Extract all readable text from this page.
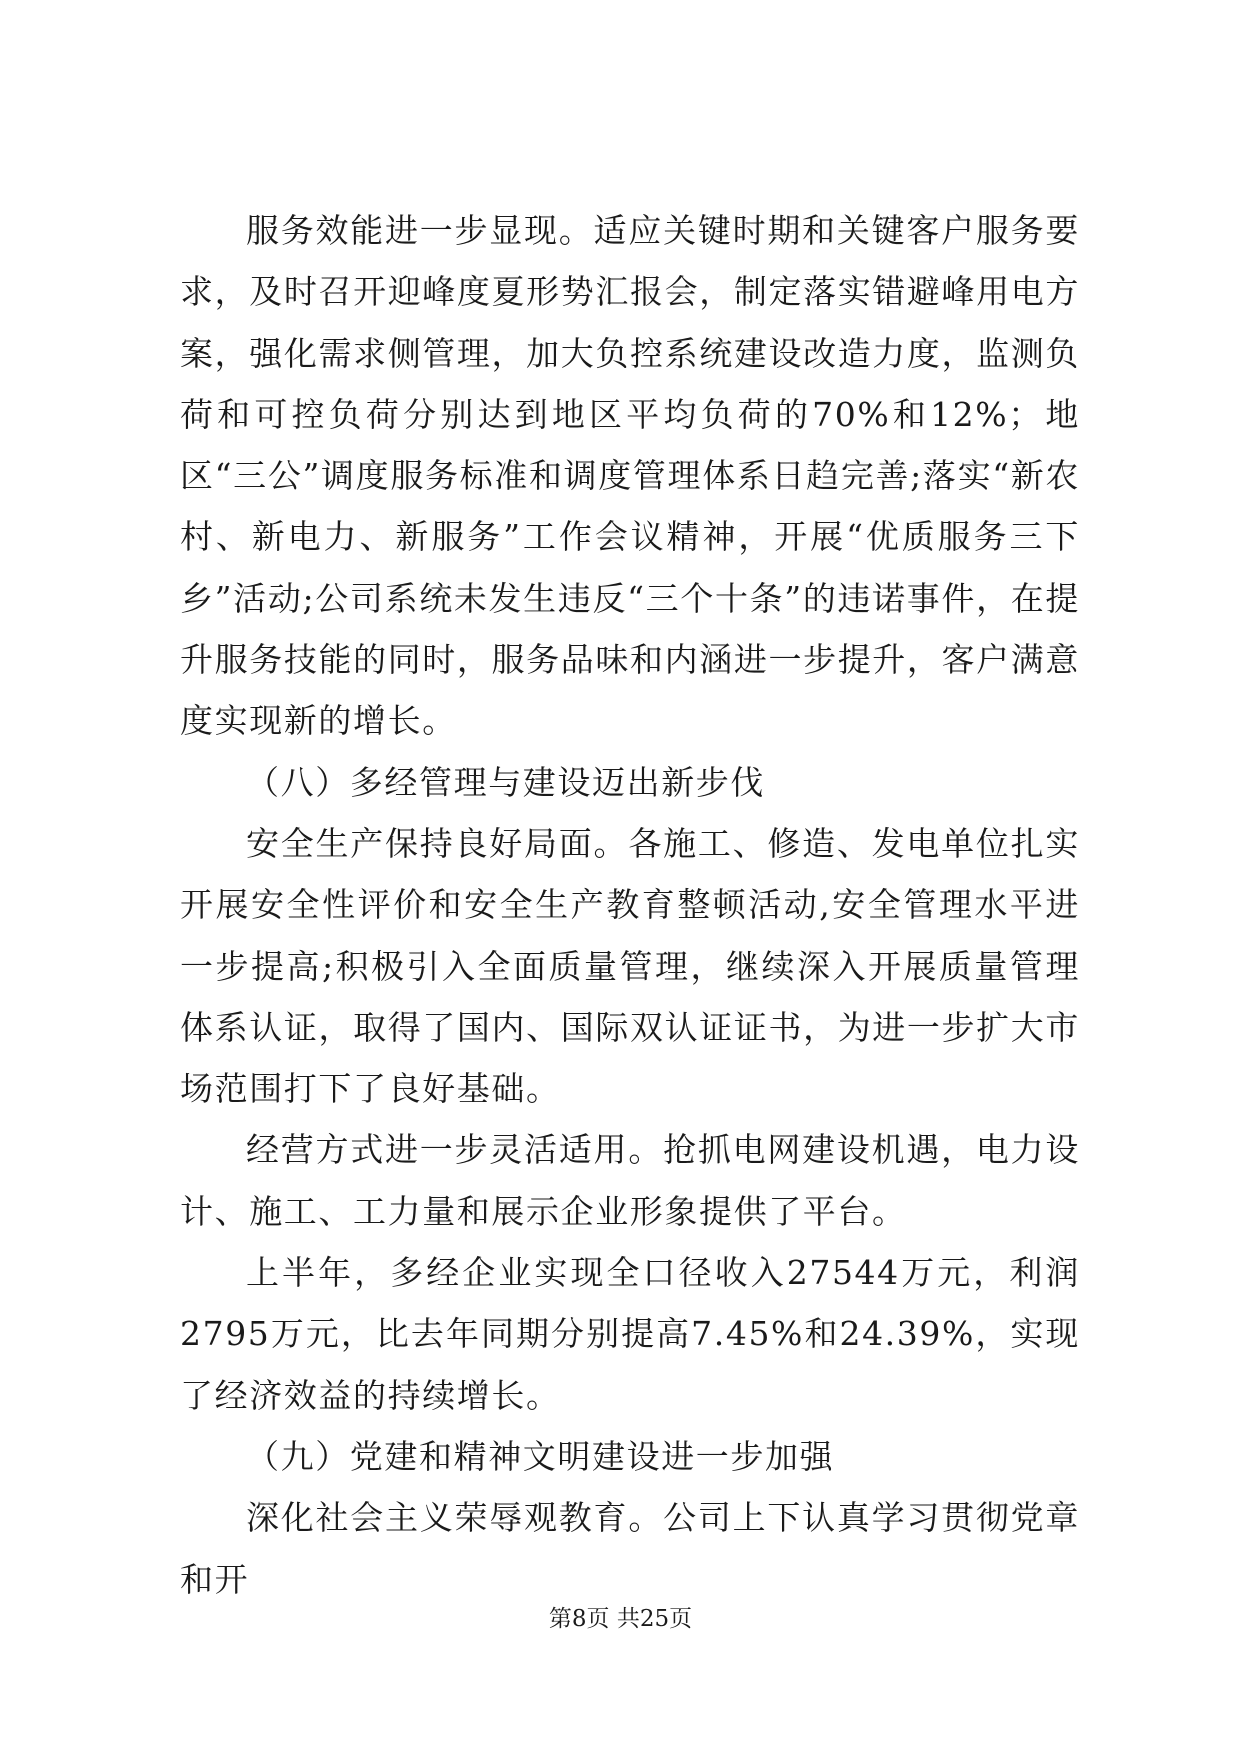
服务效能进一步显现。适应关键时期和关键客户服务要求，及时召开迎峰度夏形势汇报会，制定落实错避峰用电方案，强化需求侧管理，加大负控系统建设改造力度，监测负荷和可控负荷分别达到地区平均负荷的70%和12%；地区“三公”调度服务标准和调度管理体系日趋完善;落实“新农村、新电力、新服务”工作会议精神，开展“优质服务三下乡”活动;公司系统未发生违反“三个十条”的违诺事件，在提升服务技能的同时，服务品味和内涵进一步提升，客户满意度实现新的增长。

（八）多经管理与建设迈出新步伐

安全生产保持良好局面。各施工、修造、发电单位扎实开展安全性评价和安全生产教育整顿活动,安全管理水平进一步提高;积极引入全面质量管理，继续深入开展质量管理体系认证，取得了国内、国际双认证证书，为进一步扩大市场范围打下了良好基础。

经营方式进一步灵活适用。抢抓电网建设机遇，电力设计、施工、工力量和展示企业形象提供了平台。

上半年，多经企业实现全口径收入27544万元，利润2795万元，比去年同期分别提高7.45%和24.39%，实现了经济效益的持续增长。

（九）党建和精神文明建设进一步加强

深化社会主义荣辱观教育。公司上下认真学习贯彻党章和开

第8页 共25页
